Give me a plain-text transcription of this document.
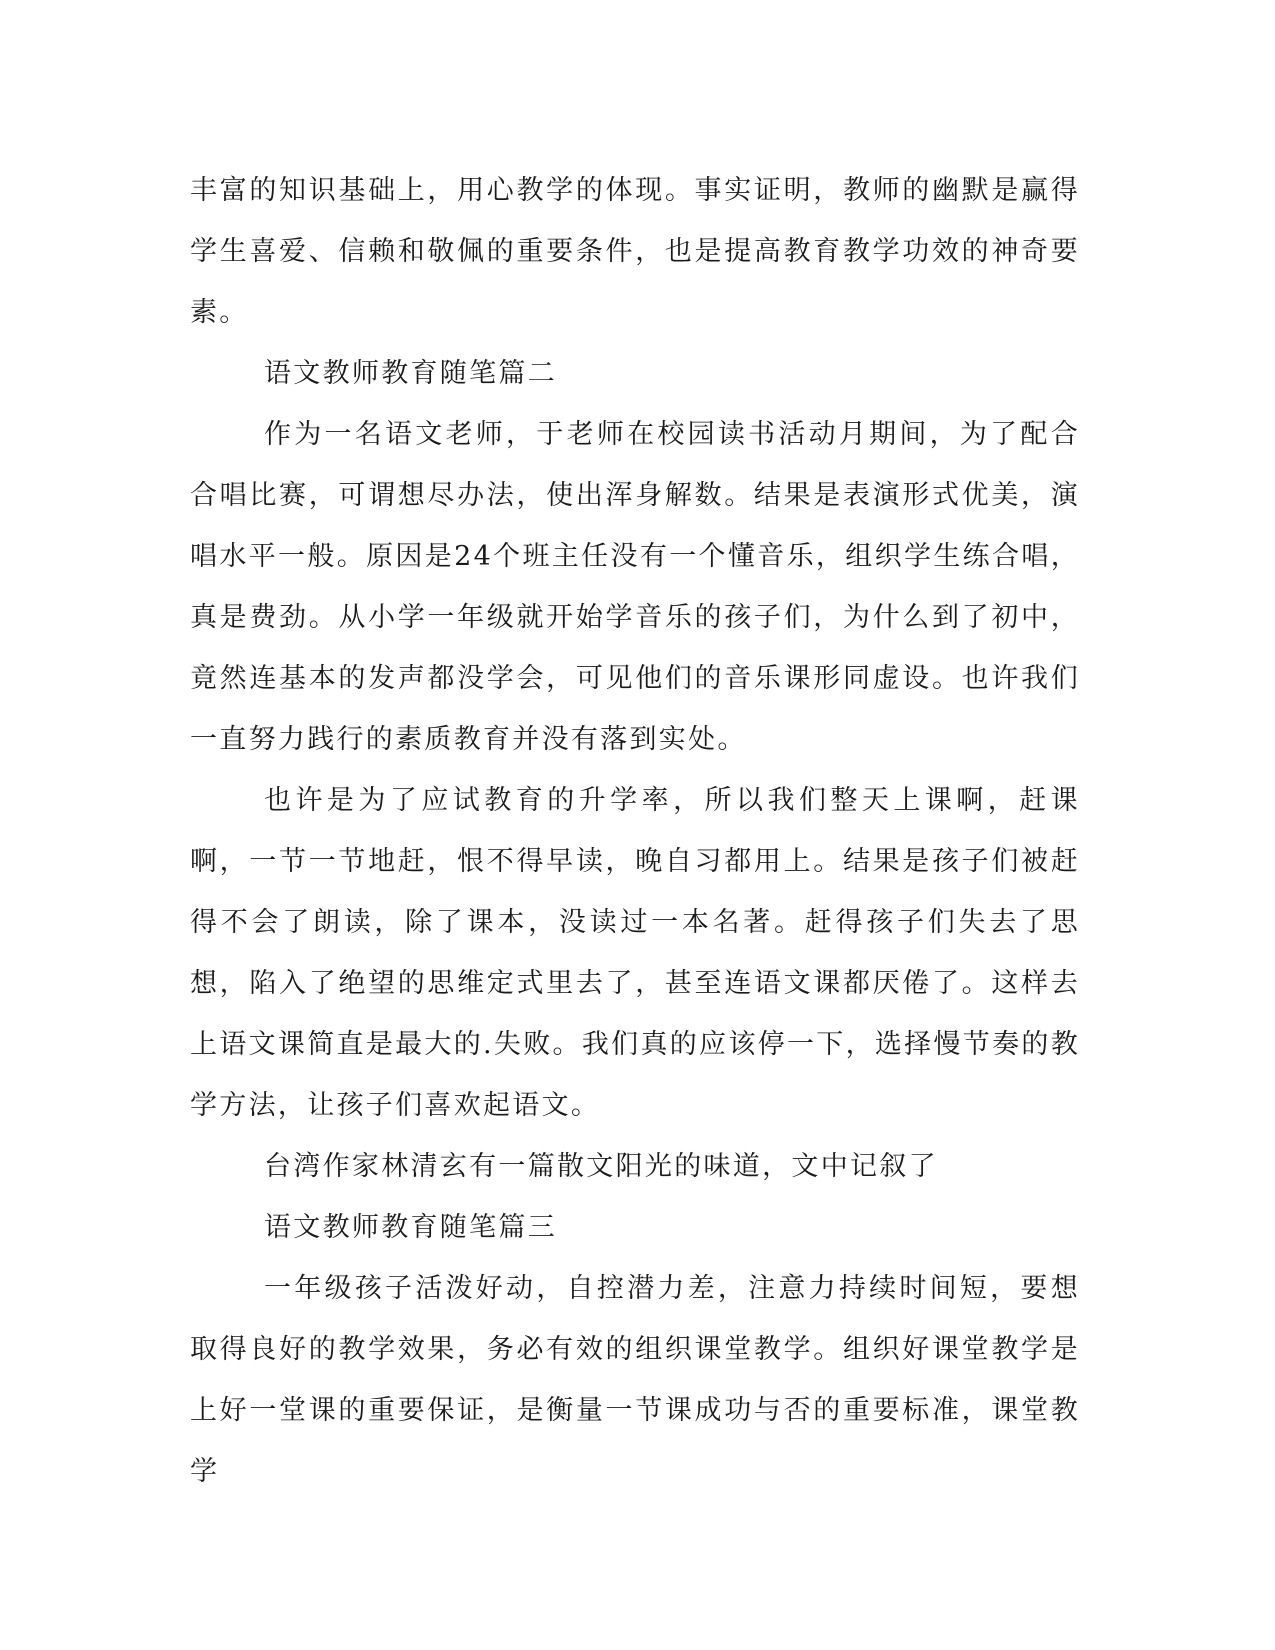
丰富的知识基础上，用心教学的体现。事实证明，教师的幽默是赢得学生喜爱、信赖和敬佩的重要条件，也是提高教育教学功效的神奇要素。

语文教师教育随笔篇二

作为一名语文老师，于老师在校园读书活动月期间，为了配合合唱比赛，可谓想尽办法，使出浑身解数。结果是表演形式优美，演唱水平一般。原因是24个班主任没有一个懂音乐，组织学生练合唱，真是费劲。从小学一年级就开始学音乐的孩子们，为什么到了初中，竟然连基本的发声都没学会，可见他们的音乐课形同虚设。也许我们一直努力践行的素质教育并没有落到实处。

也许是为了应试教育的升学率，所以我们整天上课啊，赶课啊，一节一节地赶，恨不得早读，晚自习都用上。结果是孩子们被赶得不会了朗读，除了课本，没读过一本名著。赶得孩子们失去了思想，陷入了绝望的思维定式里去了，甚至连语文课都厌倦了。这样去上语文课简直是最大的.失败。我们真的应该停一下，选择慢节奏的教学方法，让孩子们喜欢起语文。

台湾作家林清玄有一篇散文阳光的味道，文中记叙了

语文教师教育随笔篇三

一年级孩子活泼好动，自控潜力差，注意力持续时间短，要想取得良好的教学效果，务必有效的组织课堂教学。组织好课堂教学是上好一堂课的重要保证，是衡量一节课成功与否的重要标准，课堂教学
